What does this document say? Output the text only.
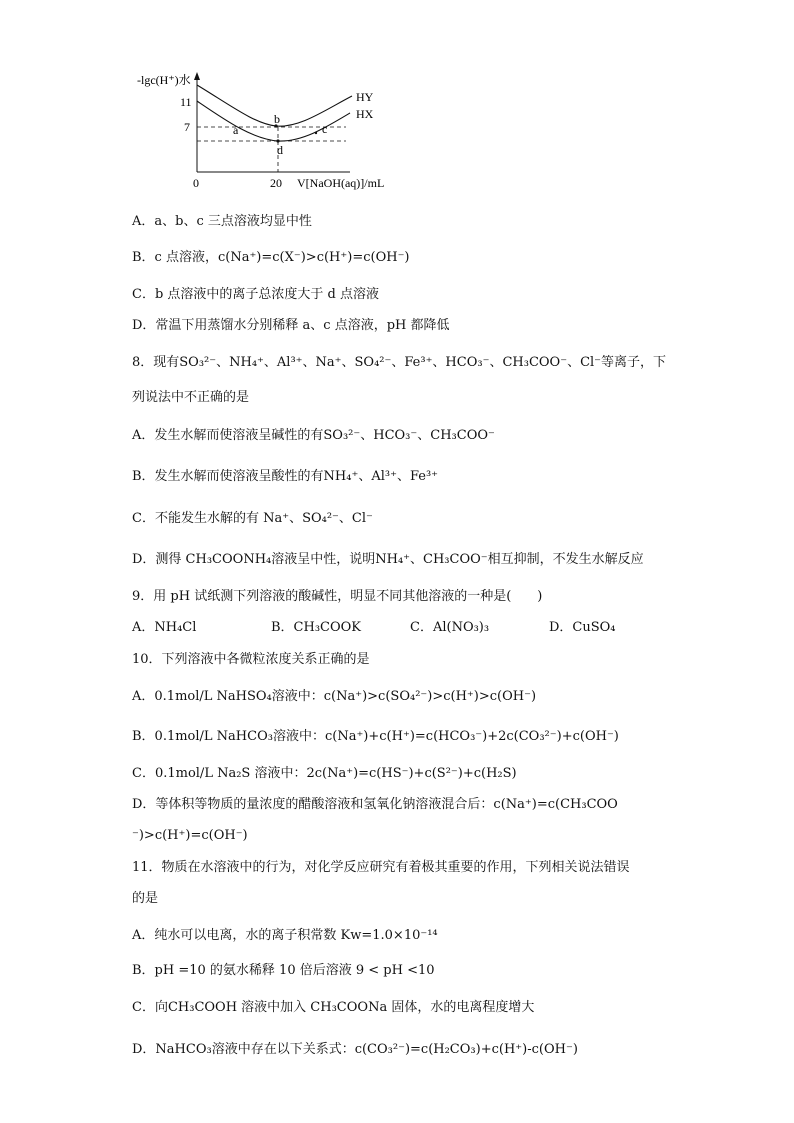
-lgc(H⁺)水
11
7
0	20 V[NaOH(aq)]/mL
HY
HX
a
b
c
d
A．a、b、c 三点溶液均显中性
B．c 点溶液，c(Na⁺)=c(X⁻)>c(H⁺)=c(OH⁻)
C．b 点溶液中的离子总浓度大于 d 点溶液
D．常温下用蒸馏水分别稀释 a、c 点溶液，pH 都降低
8．现有SO₃²⁻、NH₄⁺、Al³⁺、Na⁺、SO₄²⁻、Fe³⁺、HCO₃⁻、CH₃COO⁻、Cl⁻等离子，下
列说法中不正确的是
A．发生水解而使溶液呈碱性的有SO₃²⁻、HCO₃⁻、CH₃COO⁻
B．发生水解而使溶液呈酸性的有NH₄⁺、Al³⁺、Fe³⁺
C．不能发生水解的有 Na⁺、SO₄²⁻、Cl⁻
D．测得 CH₃COONH₄溶液呈中性，说明NH₄⁺、CH₃COO⁻相互抑制，不发生水解反应
9．用 pH 试纸测下列溶液的酸碱性，明显不同其他溶液的一种是(　　)
A．NH₄Cl	B．CH₃COOK	C．Al(NO₃)₃	D．CuSO₄
10．下列溶液中各微粒浓度关系正确的是
A．0.1mol/L NaHSO₄溶液中：c(Na⁺)>c(SO₄²⁻)>c(H⁺)>c(OH⁻)
B．0.1mol/L NaHCO₃溶液中：c(Na⁺)+c(H⁺)=c(HCO₃⁻)+2c(CO₃²⁻)+c(OH⁻)
C．0.1mol/L Na₂S 溶液中：2c(Na⁺)=c(HS⁻)+c(S²⁻)+c(H₂S)
D．等体积等物质的量浓度的醋酸溶液和氢氧化钠溶液混合后：c(Na⁺)=c(CH₃COO
⁻)>c(H⁺)=c(OH⁻)
11．物质在水溶液中的行为，对化学反应研究有着极其重要的作用，下列相关说法错误
的是
A．纯水可以电离，水的离子积常数 Kw=1.0×10⁻¹⁴
B．pH =10 的氨水稀释 10 倍后溶液 9 < pH <10
C．向CH₃COOH 溶液中加入 CH₃COONa 固体，水的电离程度增大
D．NaHCO₃溶液中存在以下关系式：c(CO₃²⁻)=c(H₂CO₃)+c(H⁺)-c(OH⁻)
